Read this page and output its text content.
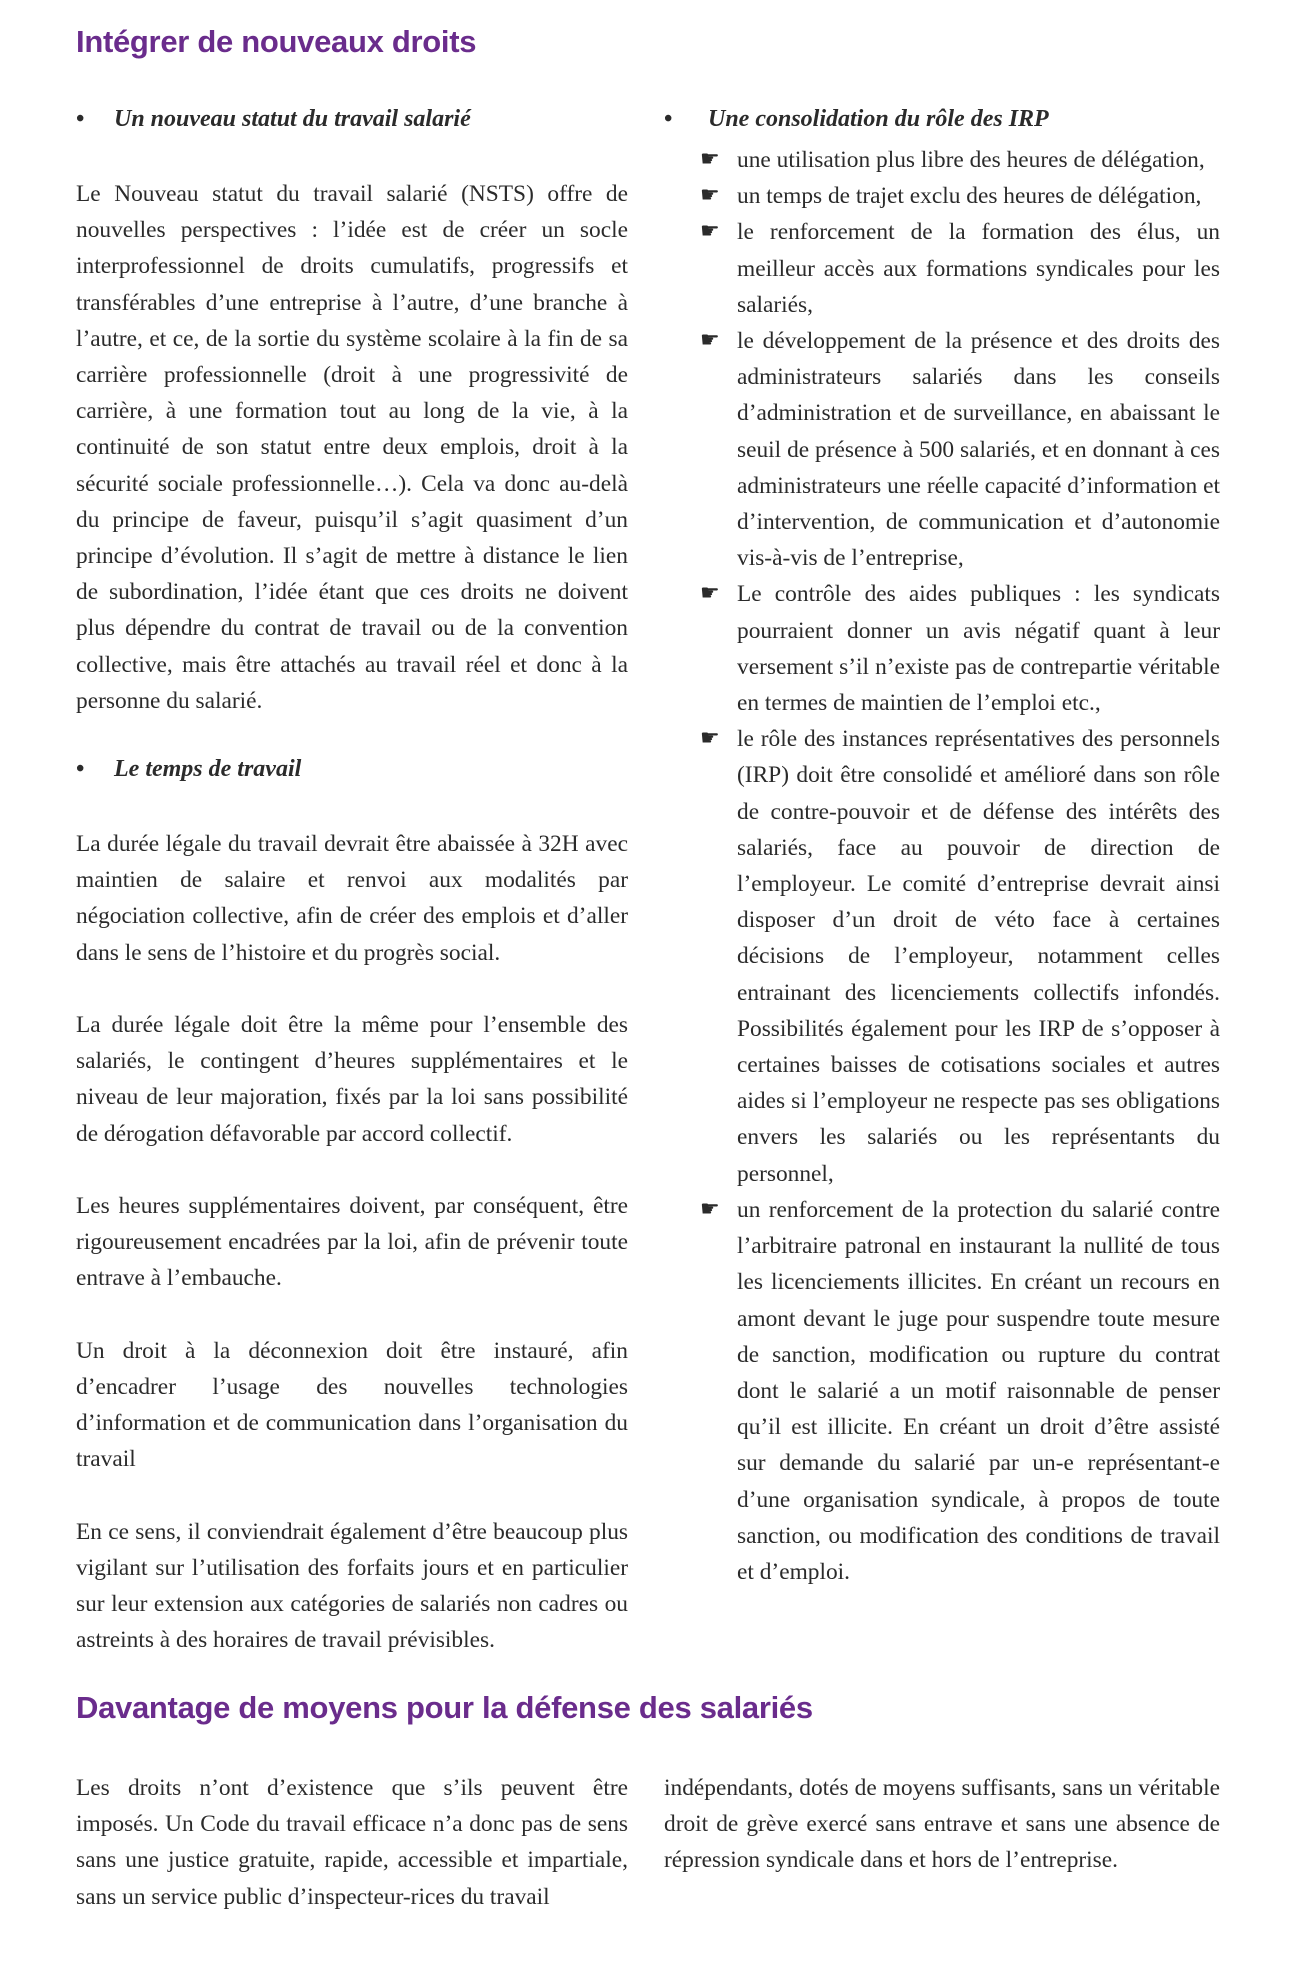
Intégrer de nouveaux droits
• Un nouveau statut du travail salarié

Le Nouveau statut du travail salarié (NSTS) offre de nouvelles perspectives : l’idée est de créer un socle interprofessionnel de droits cumulatifs, progressifs et transférables d’une entreprise à l’autre, d’une branche à l’autre, et ce, de la sortie du système scolaire à la fin de sa carrière professionnelle (droit à une progressivité de carrière, à une formation tout au long de la vie, à la continuité de son statut entre deux emplois, droit à la sécurité sociale professionnelle…). Cela va donc au-delà du principe de faveur, puisqu’il s’agit quasiment d’un principe d’évolution. Il s’agit de mettre à distance le lien de subordination, l’idée étant que ces droits ne doivent plus dépendre du contrat de travail ou de la convention collective, mais être attachés au travail réel et donc à la personne du salarié.

• Le temps de travail

La durée légale du travail devrait être abaissée à 32H avec maintien de salaire et renvoi aux modalités par négociation collective, afin de créer des emplois et d’aller dans le sens de l’histoire et du progrès social.

La durée légale doit être la même pour l’ensemble des salariés, le contingent d’heures supplémentaires et le niveau de leur majoration, fixés par la loi sans possibilité de dérogation défavorable par accord collectif.

Les heures supplémentaires doivent, par conséquent, être rigoureusement encadrées par la loi, afin de prévenir toute entrave à l’embauche.

Un droit à la déconnexion doit être instauré, afin d’encadrer l’usage des nouvelles technologies d’information et de communication dans l’organisation du travail

En ce sens, il conviendrait également d’être beaucoup plus vigilant sur l’utilisation des forfaits jours et en particulier sur leur extension aux catégories de salariés non cadres ou astreints à des horaires de travail prévisibles.

• Une consolidation du rôle des IRP
☛ une utilisation plus libre des heures de délégation,
☛ un temps de trajet exclu des heures de délégation,
☛ le renforcement de la formation des élus, un meilleur accès aux formations syndicales pour les salariés,
☛ le développement de la présence et des droits des administrateurs salariés dans les conseils d’administration et de surveillance, en abaissant le seuil de présence à 500 salariés, et en donnant à ces administrateurs une réelle capacité d’information et d’intervention, de communication et d’autonomie vis-à-vis de l’entreprise,
☛ Le contrôle des aides publiques : les syndicats pourraient donner un avis négatif quant à leur versement s’il n’existe pas de contrepartie véritable en termes de maintien de l’emploi etc.,
☛ le rôle des instances représentatives des personnels (IRP) doit être consolidé et amélioré dans son rôle de contre-pouvoir et de défense des intérêts des salariés, face au pouvoir de direction de l’employeur. Le comité d’entreprise devrait ainsi disposer d’un droit de véto face à certaines décisions de l’employeur, notamment celles entrainant des licenciements collectifs infondés. Possibilités également pour les IRP de s’opposer à certaines baisses de cotisations sociales et autres aides si l’employeur ne respecte pas ses obligations envers les salariés ou les représentants du personnel,
☛ un renforcement de la protection du salarié contre l’arbitraire patronal en instaurant la nullité de tous les licenciements illicites. En créant un recours en amont devant le juge pour suspendre toute mesure de sanction, modification ou rupture du contrat dont le salarié a un motif raisonnable de penser qu’il est illicite. En créant un droit d’être assisté sur demande du salarié par un-e représentant-e d’une organisation syndicale, à propos de toute sanction, ou modification des conditions de travail et d’emploi.
Davantage de moyens pour la défense des salariés

Les droits n’ont d’existence que s’ils peuvent être imposés. Un Code du travail efficace n’a donc pas de sens sans une justice gratuite, rapide, accessible et impartiale, sans un service public d’inspecteur-rices du travail

indépendants, dotés de moyens suffisants, sans un véritable droit de grève exercé sans entrave et sans une absence de répression syndicale dans et hors de l’entreprise.
